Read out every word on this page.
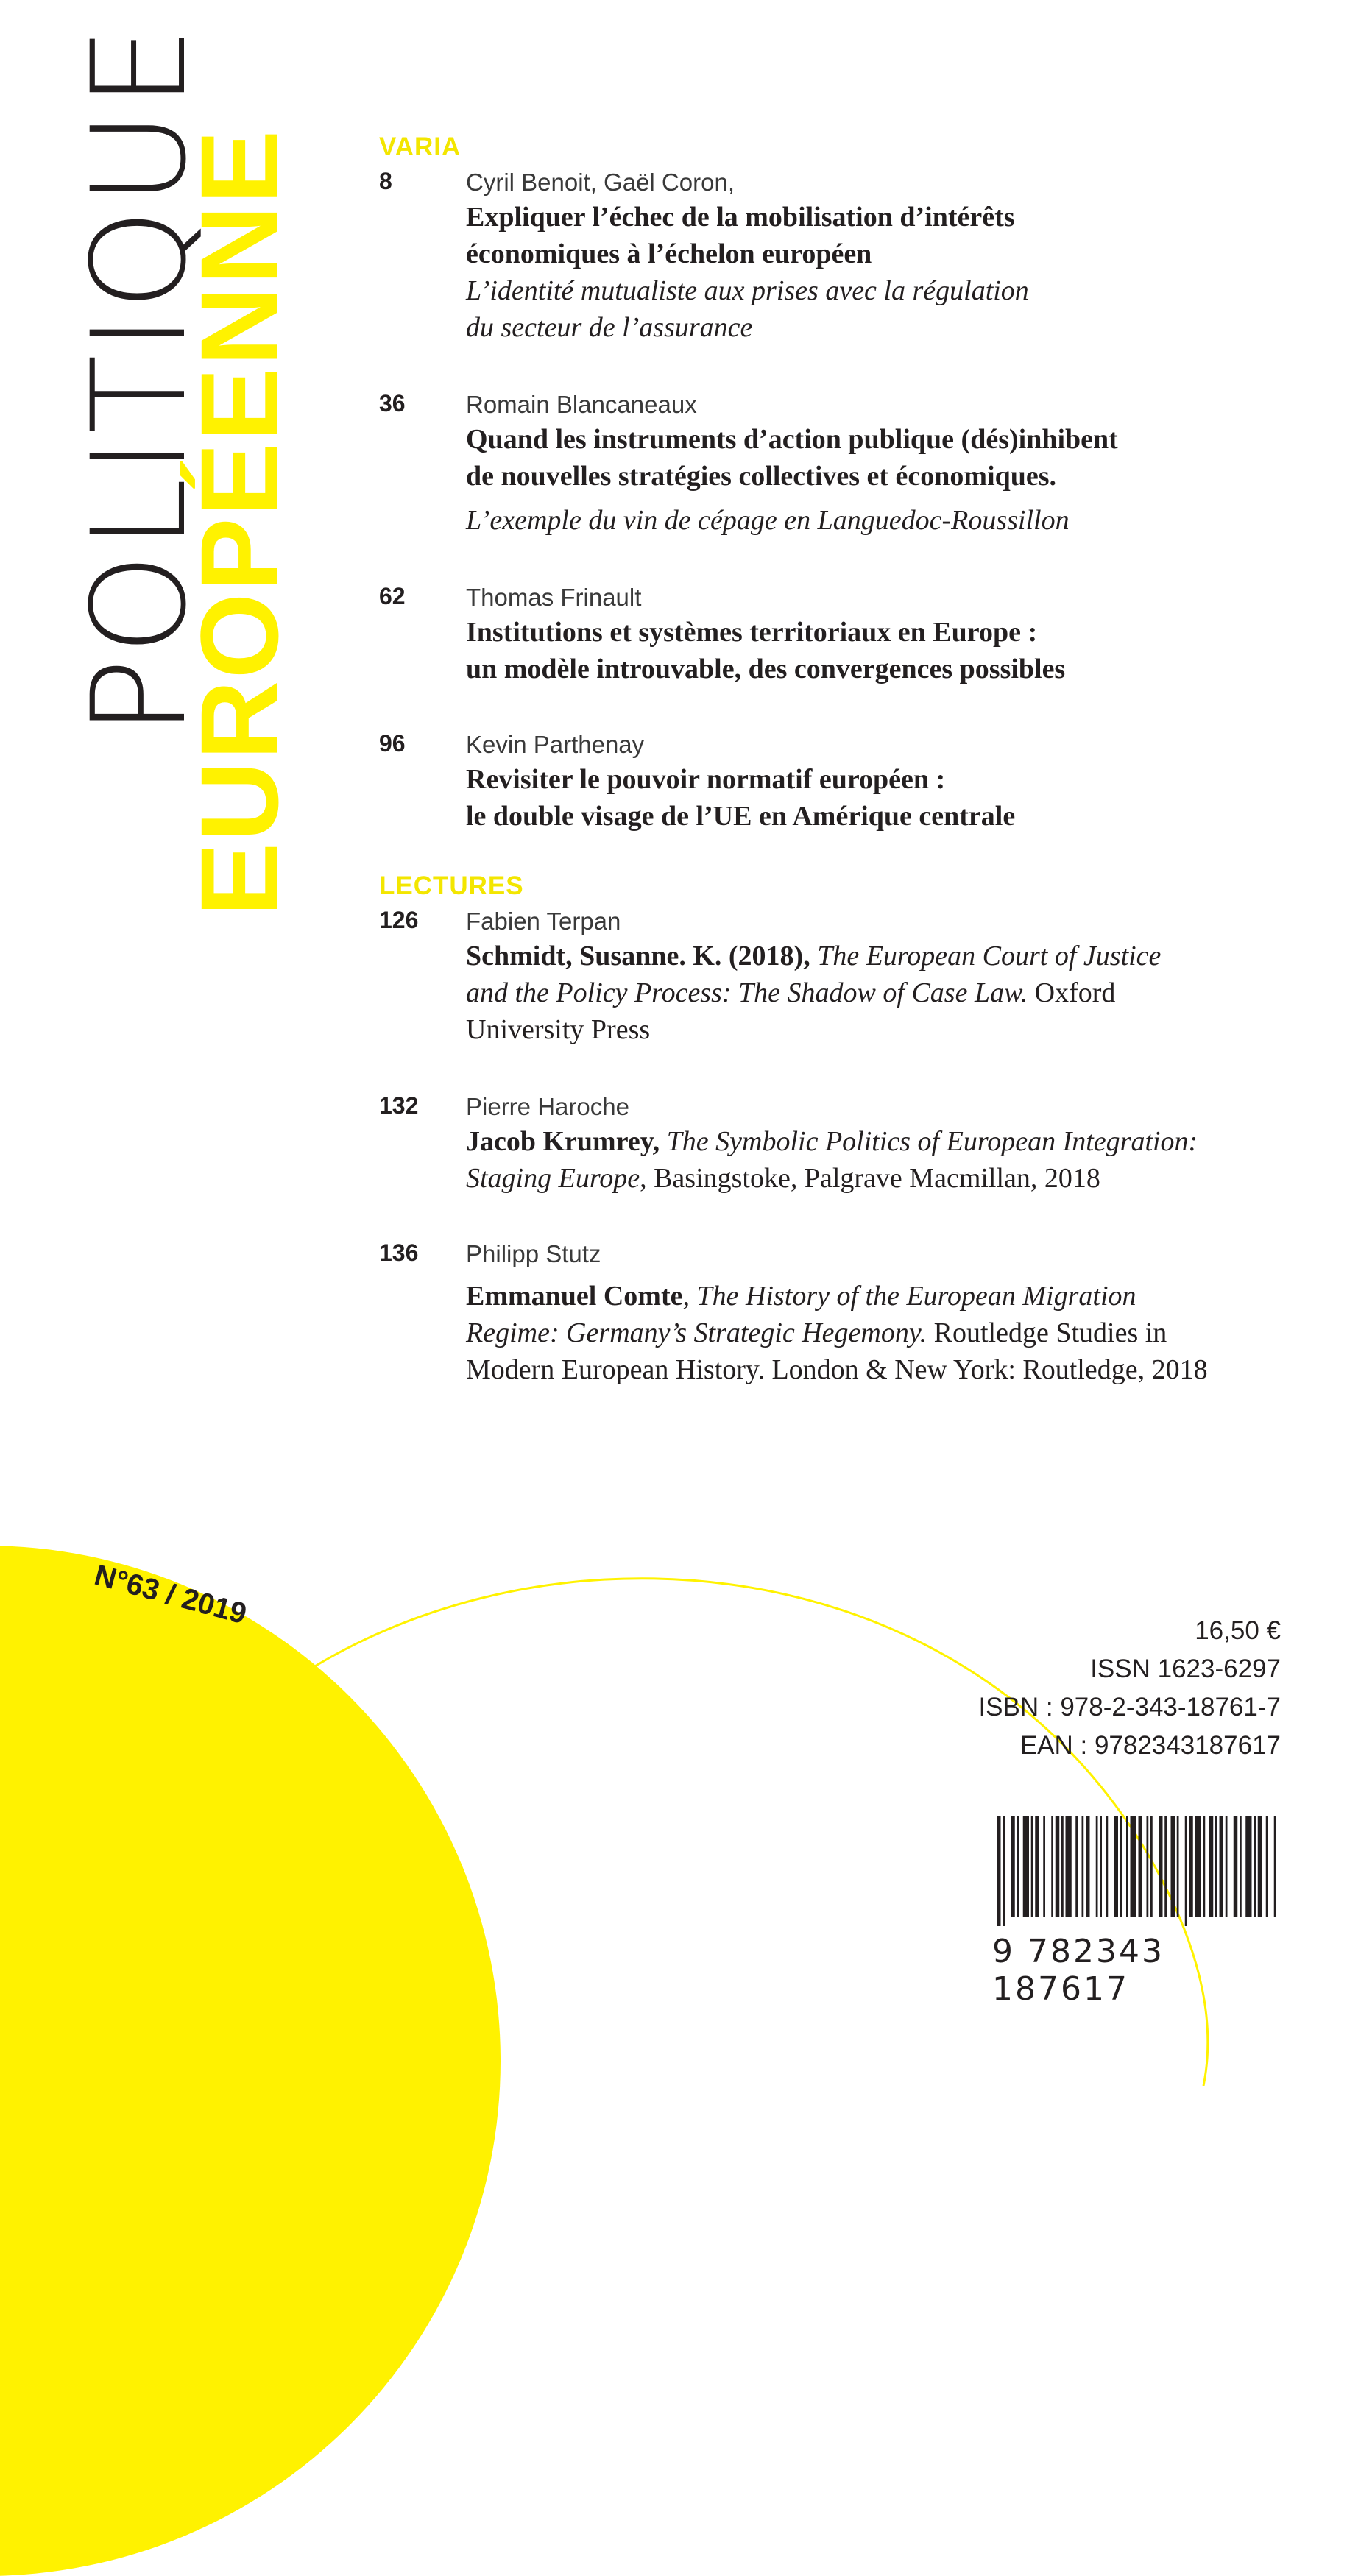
POLITIQUE
EUROPÉENNE	VARIA
8	Cyril Benoit, Gaël Coron,
Expliquer l’échec de la mobilisation d’intérêts
économiques à l’échelon européen
L’identité mutualiste aux prises avec la régulation
du secteur de l’assurance
36 Romain Blancaneaux
Quand les instruments d’action publique (dés)inhibent
de nouvelles stratégies collectives et économiques.
L’exemple du vin de cépage en Languedoc-Roussillon
62 Thomas Frinault
Institutions et systèmes territoriaux en Europe :
un modèle introuvable, des convergences possibles
96 Kevin Parthenay
Revisiter le pouvoir normatif européen :
le double visage de l’UE en Amérique centrale
LECTURES
126 Fabien Terpan
Schmidt, Susanne. K. (2018), The European Court of Justice
and the Policy Process: The Shadow of Case Law. Oxford
University Press
132 Pierre Haroche
Jacob Krumrey, The Symbolic Politics of European Integration:
Staging Europe, Basingstoke, Palgrave Macmillan, 2018
136 Philipp Stutz
Emmanuel Comte, The History of the European Migration
Regime: Germany’s Strategic Hegemony. Routledge Studies in
Modern European History. London & New York: Routledge, 2018
N°63 / 2019
16,50 €
ISSN 1623-6297
ISBN : 978-2-343-18761-7
EAN : 9782343187617
9 782343 187617
